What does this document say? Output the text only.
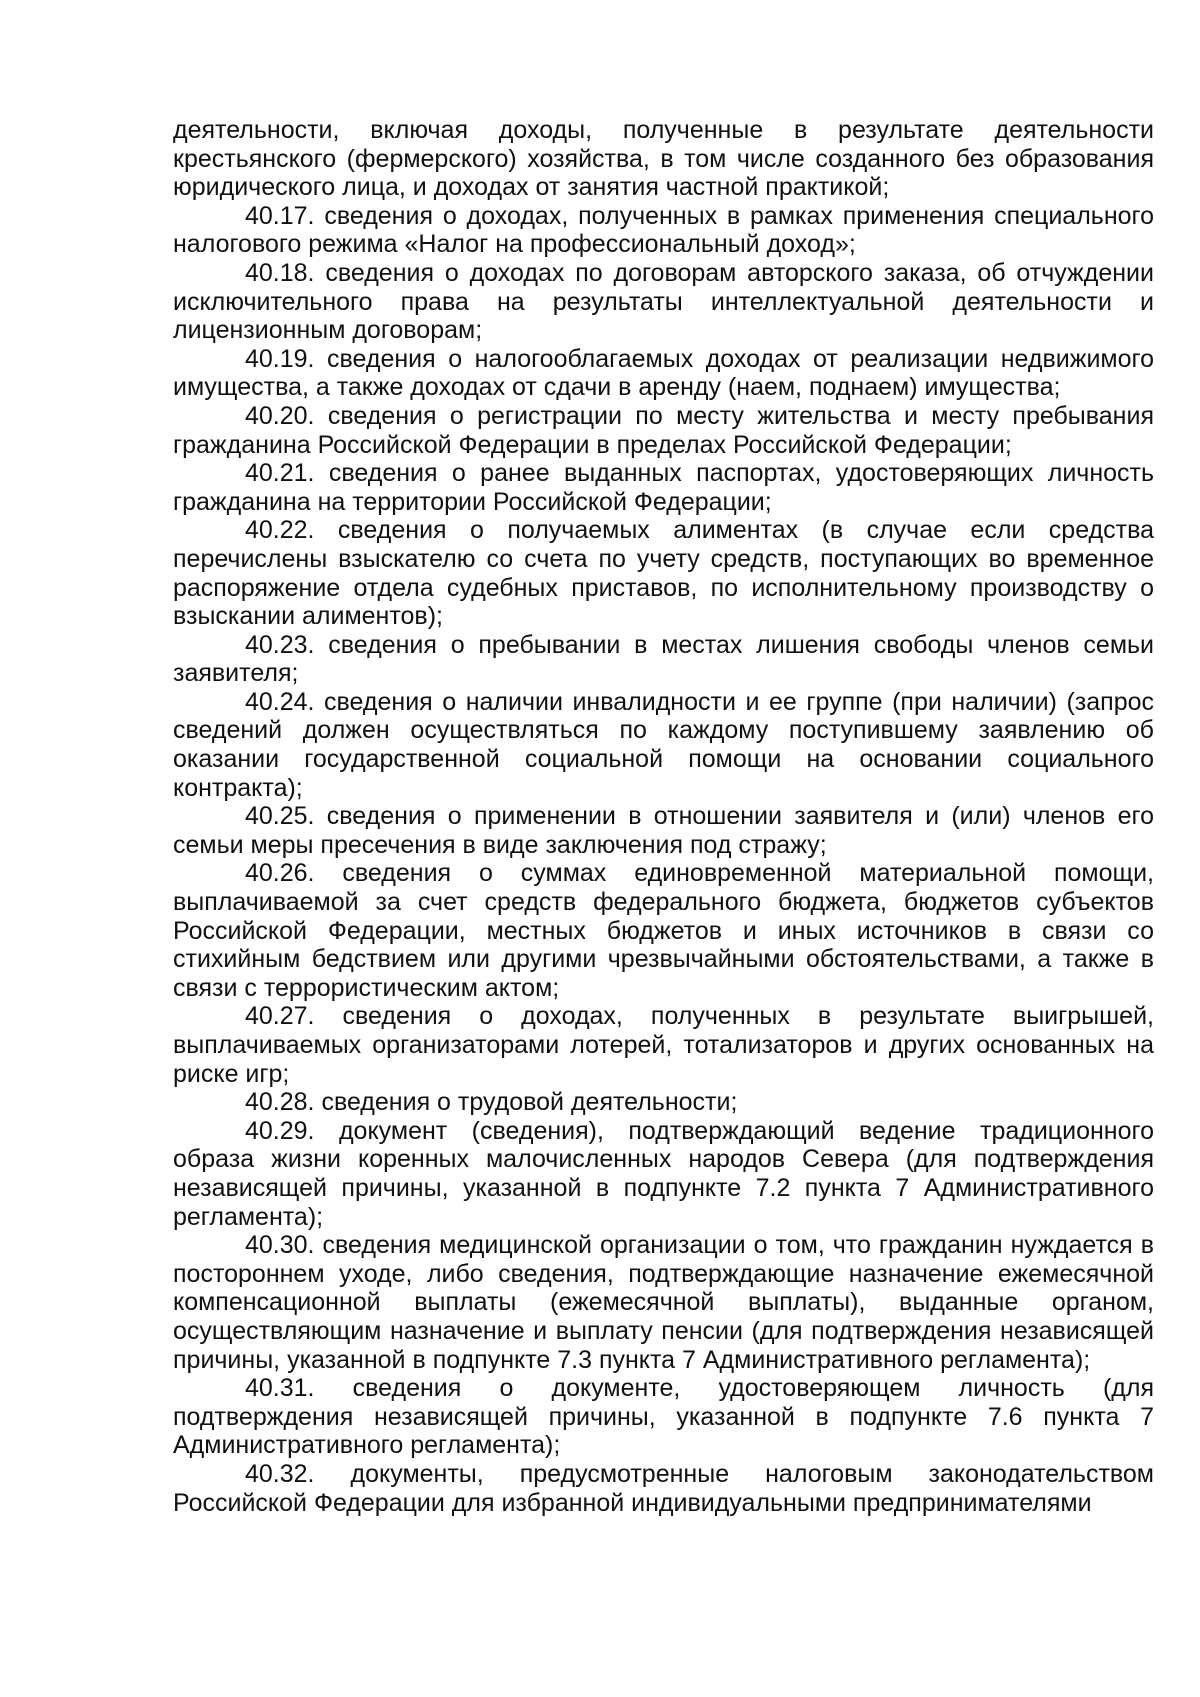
деятельности, включая доходы, полученные в результате деятельности крестьянского (фермерского) хозяйства, в том числе созданного без образования юридического лица, и доходах от занятия частной практикой;

40.17. сведения о доходах, полученных в рамках применения специального налогового режима «Налог на профессиональный доход»;

40.18. сведения о доходах по договорам авторского заказа, об отчуждении исключительного права на результаты интеллектуальной деятельности и лицензионным договорам;

40.19. сведения о налогооблагаемых доходах от реализации недвижимого имущества, а также доходах от сдачи в аренду (наем, поднаем) имущества;

40.20. сведения о регистрации по месту жительства и месту пребывания гражданина Российской Федерации в пределах Российской Федерации;

40.21. сведения о ранее выданных паспортах, удостоверяющих личность гражданина на территории Российской Федерации;

40.22. сведения о получаемых алиментах (в случае если средства перечислены взыскателю со счета по учету средств, поступающих во временное распоряжение отдела судебных приставов, по исполнительному производству о взыскании алиментов);

40.23. сведения о пребывании в местах лишения свободы членов семьи заявителя;

40.24. сведения о наличии инвалидности и ее группе (при наличии) (запрос сведений должен осуществляться по каждому поступившему заявлению об оказании государственной социальной помощи на основании социального контракта);

40.25. сведения о применении в отношении заявителя и (или) членов его семьи меры пресечения в виде заключения под стражу;

40.26. сведения о суммах единовременной материальной помощи, выплачиваемой за счет средств федерального бюджета, бюджетов субъектов Российской Федерации, местных бюджетов и иных источников в связи со стихийным бедствием или другими чрезвычайными обстоятельствами, а также в связи с террористическим актом;

40.27. сведения о доходах, полученных в результате выигрышей, выплачиваемых организаторами лотерей, тотализаторов и других основанных на риске игр;

40.28. сведения о трудовой деятельности;

40.29. документ (сведения), подтверждающий ведение традиционного образа жизни коренных малочисленных народов Севера (для подтверждения независящей причины, указанной в подпункте 7.2 пункта 7 Административного регламента);

40.30. сведения медицинской организации о том, что гражданин нуждается в постороннем уходе, либо сведения, подтверждающие назначение ежемесячной компенсационной выплаты (ежемесячной выплаты), выданные органом, осуществляющим назначение и выплату пенсии (для подтверждения независящей причины, указанной в подпункте 7.3 пункта 7 Административного регламента);

40.31. сведения о документе, удостоверяющем личность (для подтверждения независящей причины, указанной в подпункте 7.6 пункта 7 Административного регламента);

40.32. документы, предусмотренные налоговым законодательством Российской Федерации для избранной индивидуальными предпринимателями
